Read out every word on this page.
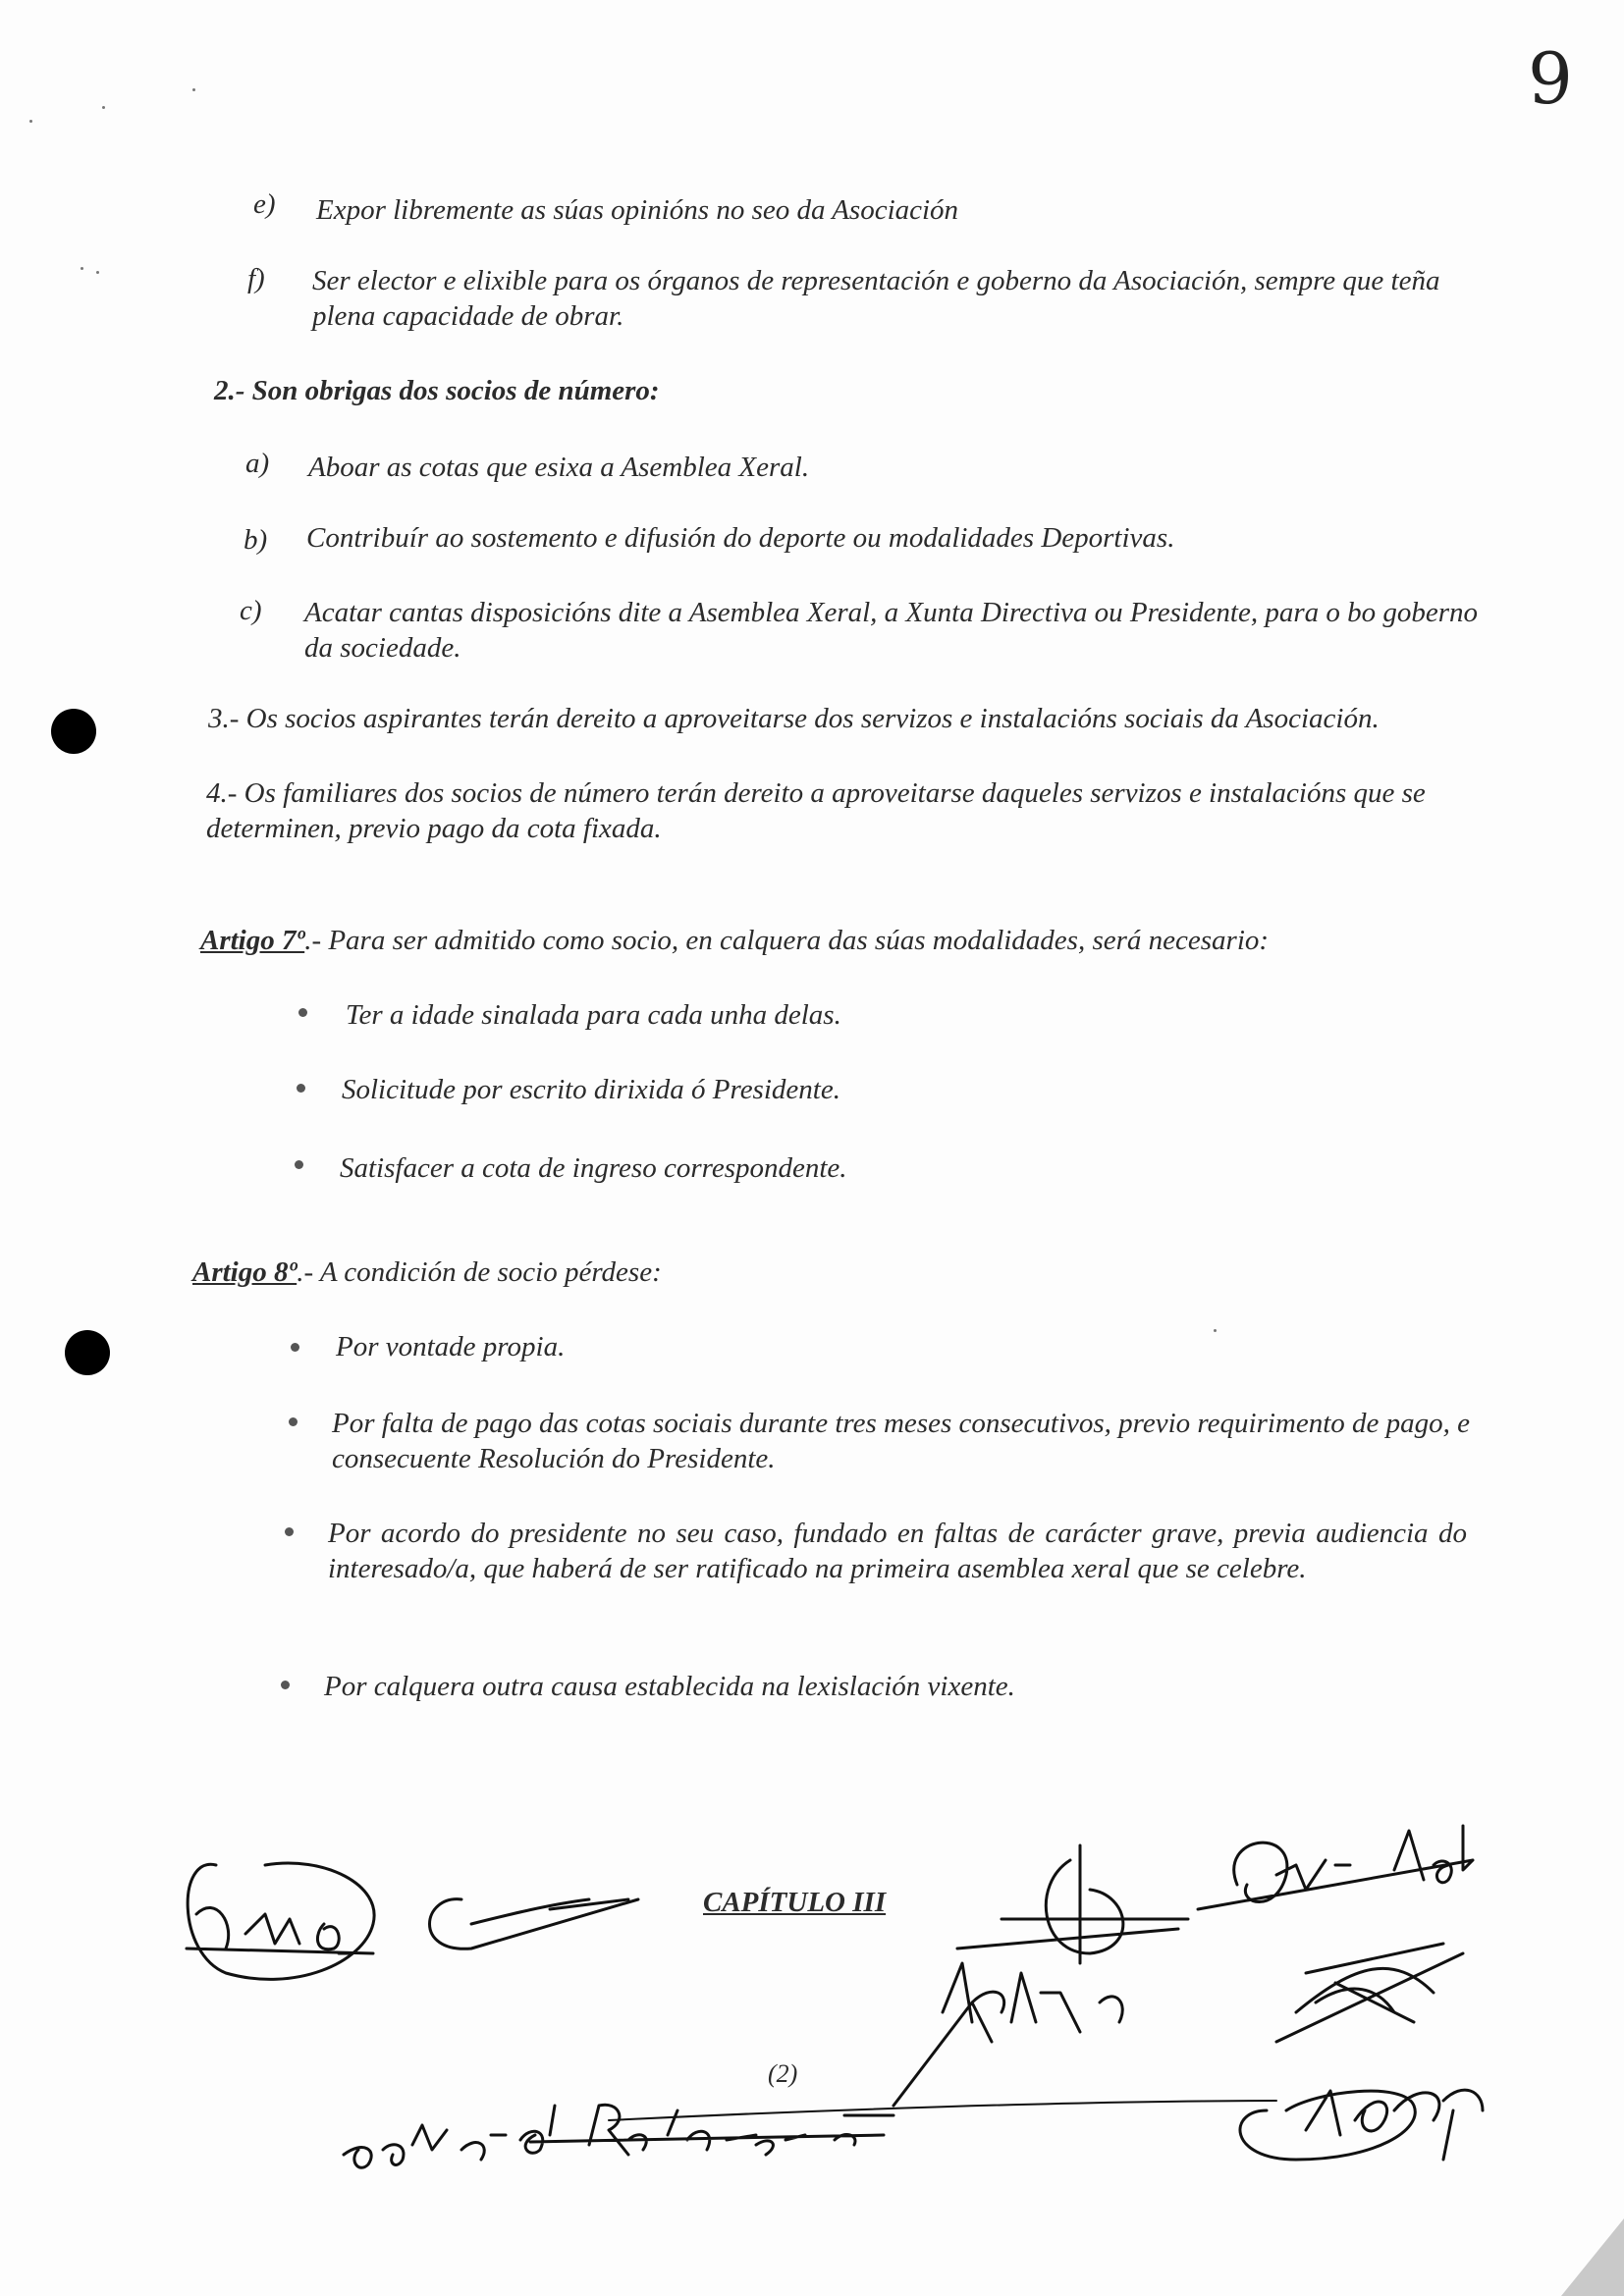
9
e) Expor libremente as súas opinións no seo da Asociación
f) Ser elector e elixible para os órganos de representación e goberno da Asociación, sempre que teña plena capacidade de obrar.
2.- Son obrigas dos socios de número:
a) Aboar as cotas que esixa a Asemblea Xeral.
b) Contribuír ao sostemento e difusión do deporte ou modalidades Deportivas.
c) Acatar cantas disposicións dite a Asemblea Xeral, a Xunta Directiva ou Presidente, para o bo goberno da sociedade.
3.- Os socios aspirantes terán dereito a aproveitarse dos servizos e instalacións sociais da Asociación.
4.- Os familiares dos socios de número terán dereito a aproveitarse daqueles servizos e instalacións que se determinen, previo pago da cota fixada.
Artigo 7º.- Para ser admitido como socio, en calquera das súas modalidades, será necesario:
Ter a idade sinalada para cada unha delas.
Solicitude por escrito dirixida ó Presidente.
Satisfacer a cota de ingreso correspondente.
Artigo 8º.- A condición de socio pérdese:
Por vontade propia.
Por falta de pago das cotas sociais durante tres meses consecutivos, previo requirimento de pago, e consecuente Resolución do Presidente.
Por acordo do presidente no seu caso, fundado en faltas de carácter grave, previa audiencia do interesado/a, que haberá de ser ratificado na primeira asemblea xeral que se celebre.
Por calquera outra causa establecida na lexislación vixente.
CAPÍTULO III
(2)
